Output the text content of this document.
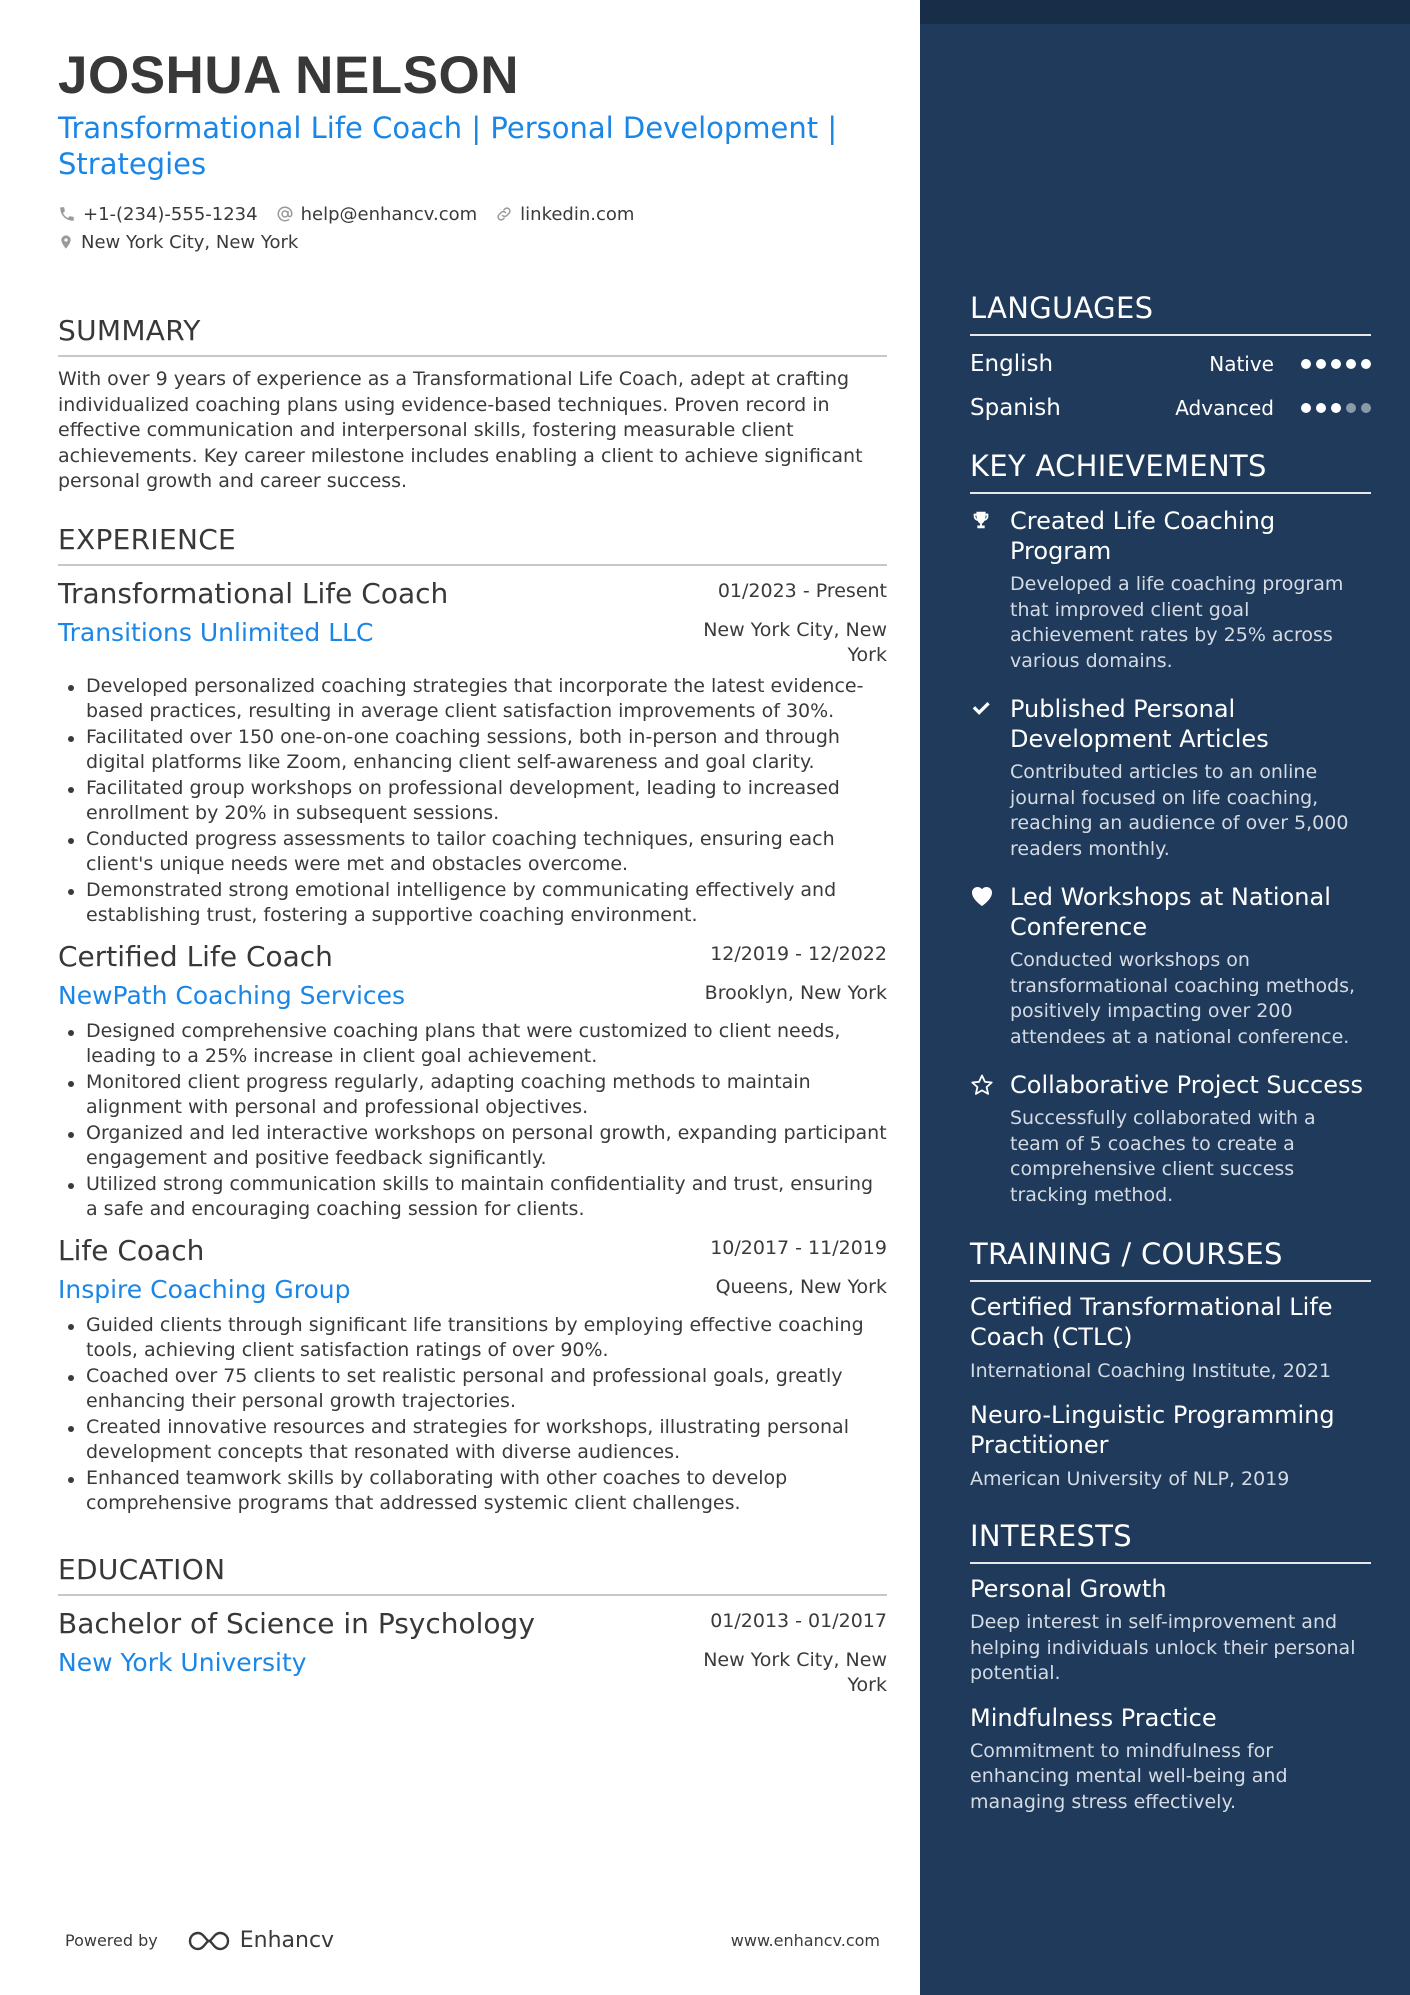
JOSHUA NELSON
Transformational Life Coach | Personal Development | Strategies
+1-(234)-555-1234 help@enhancv.com linkedin.com
New York City, New York
SUMMARY

With over 9 years of experience as a Transformational Life Coach, adept at crafting individualized coaching plans using evidence-based techniques. Proven record in effective communication and interpersonal skills, fostering measurable client achievements. Key career milestone includes enabling a client to achieve significant personal growth and career success.

EXPERIENCE
Transformational Life Coach	01/2023 - Present
Transitions Unlimited LLC	New York City, New York
Developed personalized coaching strategies that incorporate the latest evidence-based practices, resulting in average client satisfaction improvements of 30%.
Facilitated over 150 one-on-one coaching sessions, both in-person and through digital platforms like Zoom, enhancing client self-awareness and goal clarity.
Facilitated group workshops on professional development, leading to increased enrollment by 20% in subsequent sessions.
Conducted progress assessments to tailor coaching techniques, ensuring each client's unique needs were met and obstacles overcome.
Demonstrated strong emotional intelligence by communicating effectively and establishing trust, fostering a supportive coaching environment.
Certified Life Coach	12/2019 - 12/2022
NewPath Coaching Services	Brooklyn, New York
Designed comprehensive coaching plans that were customized to client needs, leading to a 25% increase in client goal achievement.
Monitored client progress regularly, adapting coaching methods to maintain alignment with personal and professional objectives.
Organized and led interactive workshops on personal growth, expanding participant engagement and positive feedback significantly.
Utilized strong communication skills to maintain confidentiality and trust, ensuring a safe and encouraging coaching session for clients.
Life Coach	10/2017 - 11/2019
Inspire Coaching Group	Queens, New York
Guided clients through significant life transitions by employing effective coaching tools, achieving client satisfaction ratings of over 90%.
Coached over 75 clients to set realistic personal and professional goals, greatly enhancing their personal growth trajectories.
Created innovative resources and strategies for workshops, illustrating personal development concepts that resonated with diverse audiences.
Enhanced teamwork skills by collaborating with other coaches to develop comprehensive programs that addressed systemic client challenges.
EDUCATION
Bachelor of Science in Psychology	01/2013 - 01/2017
New York University	New York City, New York
Powered by	Enhancv	www.enhancv.com
LANGUAGES
English	Native
Spanish	Advanced
KEY ACHIEVEMENTS
Created Life Coaching Program
Developed a life coaching program that improved client goal achievement rates by 25% across various domains.
Published Personal Development Articles
Contributed articles to an online journal focused on life coaching, reaching an audience of over 5,000 readers monthly.
Led Workshops at National Conference
Conducted workshops on transformational coaching methods, positively impacting over 200 attendees at a national conference.
Collaborative Project Success
Successfully collaborated with a team of 5 coaches to create a comprehensive client success tracking method.
TRAINING / COURSES
Certified Transformational Life Coach (CTLC)
International Coaching Institute, 2021
Neuro-Linguistic Programming Practitioner
American University of NLP, 2019
INTERESTS
Personal Growth
Deep interest in self-improvement and helping individuals unlock their personal potential.
Mindfulness Practice
Commitment to mindfulness for enhancing mental well-being and managing stress effectively.
